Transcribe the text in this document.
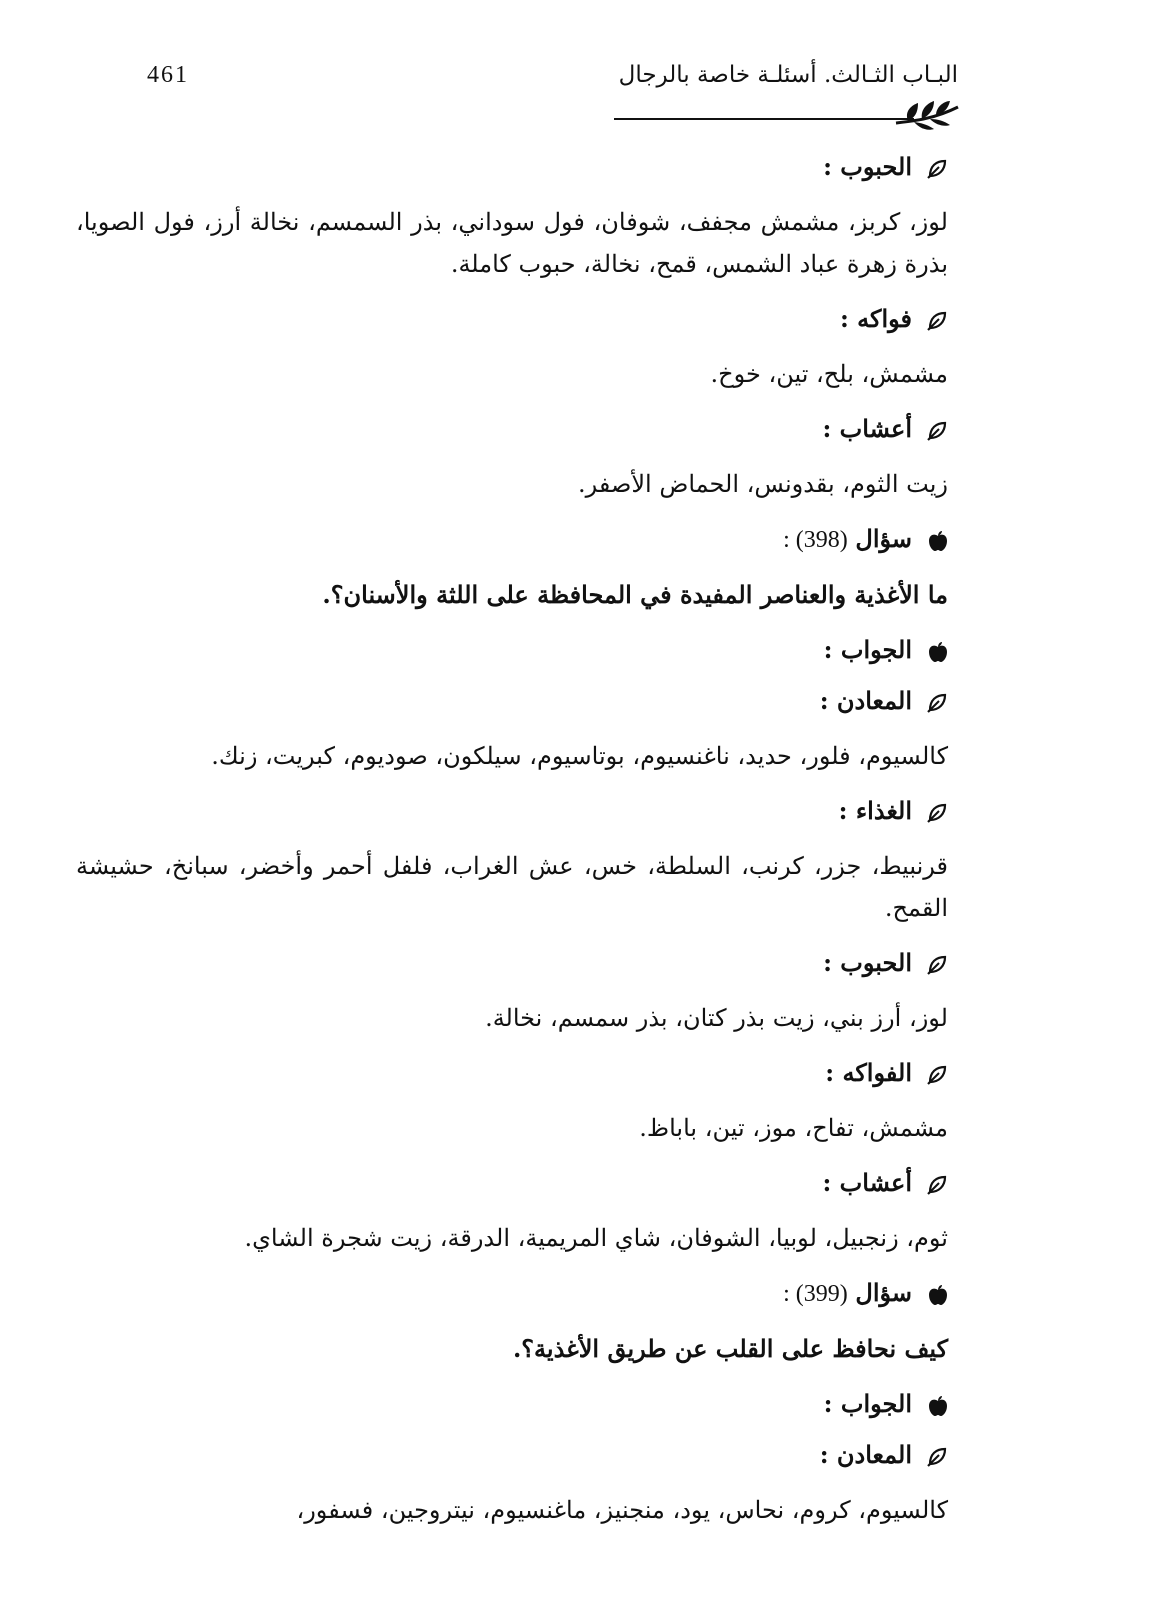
461	البـاب الثـالث. أسئلـة خاصة بالرجال
الحبوب :
لوز، كربز، مشمش مجفف، شوفان، فول سوداني، بذر السمسم، نخالة أرز، فول الصويا، بذرة زهرة عباد الشمس، قمح، نخالة، حبوب كاملة.
فواكه :
مشمش، بلح، تين، خوخ.
أعشاب :
زيت الثوم، بقدونس، الحماض الأصفر.
سؤال (398) :
ما الأغذية والعناصر المفيدة في المحافظة على اللثة والأسنان؟.
الجواب :
المعادن :
كالسيوم، فلور، حديد، ناغنسيوم، بوتاسيوم، سيلكون، صوديوم، كبريت، زنك.
الغذاء :
قرنبيط، جزر، كرنب، السلطة، خس، عش الغراب، فلفل أحمر وأخضر، سبانخ، حشيشة القمح.
الحبوب :
لوز، أرز بني، زيت بذر كتان، بذر سمسم، نخالة.
الفواكه :
مشمش، تفاح، موز، تين، باباظ.
أعشاب :
ثوم، زنجبيل، لوبيا، الشوفان، شاي المريمية، الدرقة، زيت شجرة الشاي.
سؤال (399) :
كيف نحافظ على القلب عن طريق الأغذية؟.
الجواب :
المعادن :
كالسيوم، كروم، نحاس، يود، منجنيز، ماغنسيوم، نيتروجين، فسفور،
